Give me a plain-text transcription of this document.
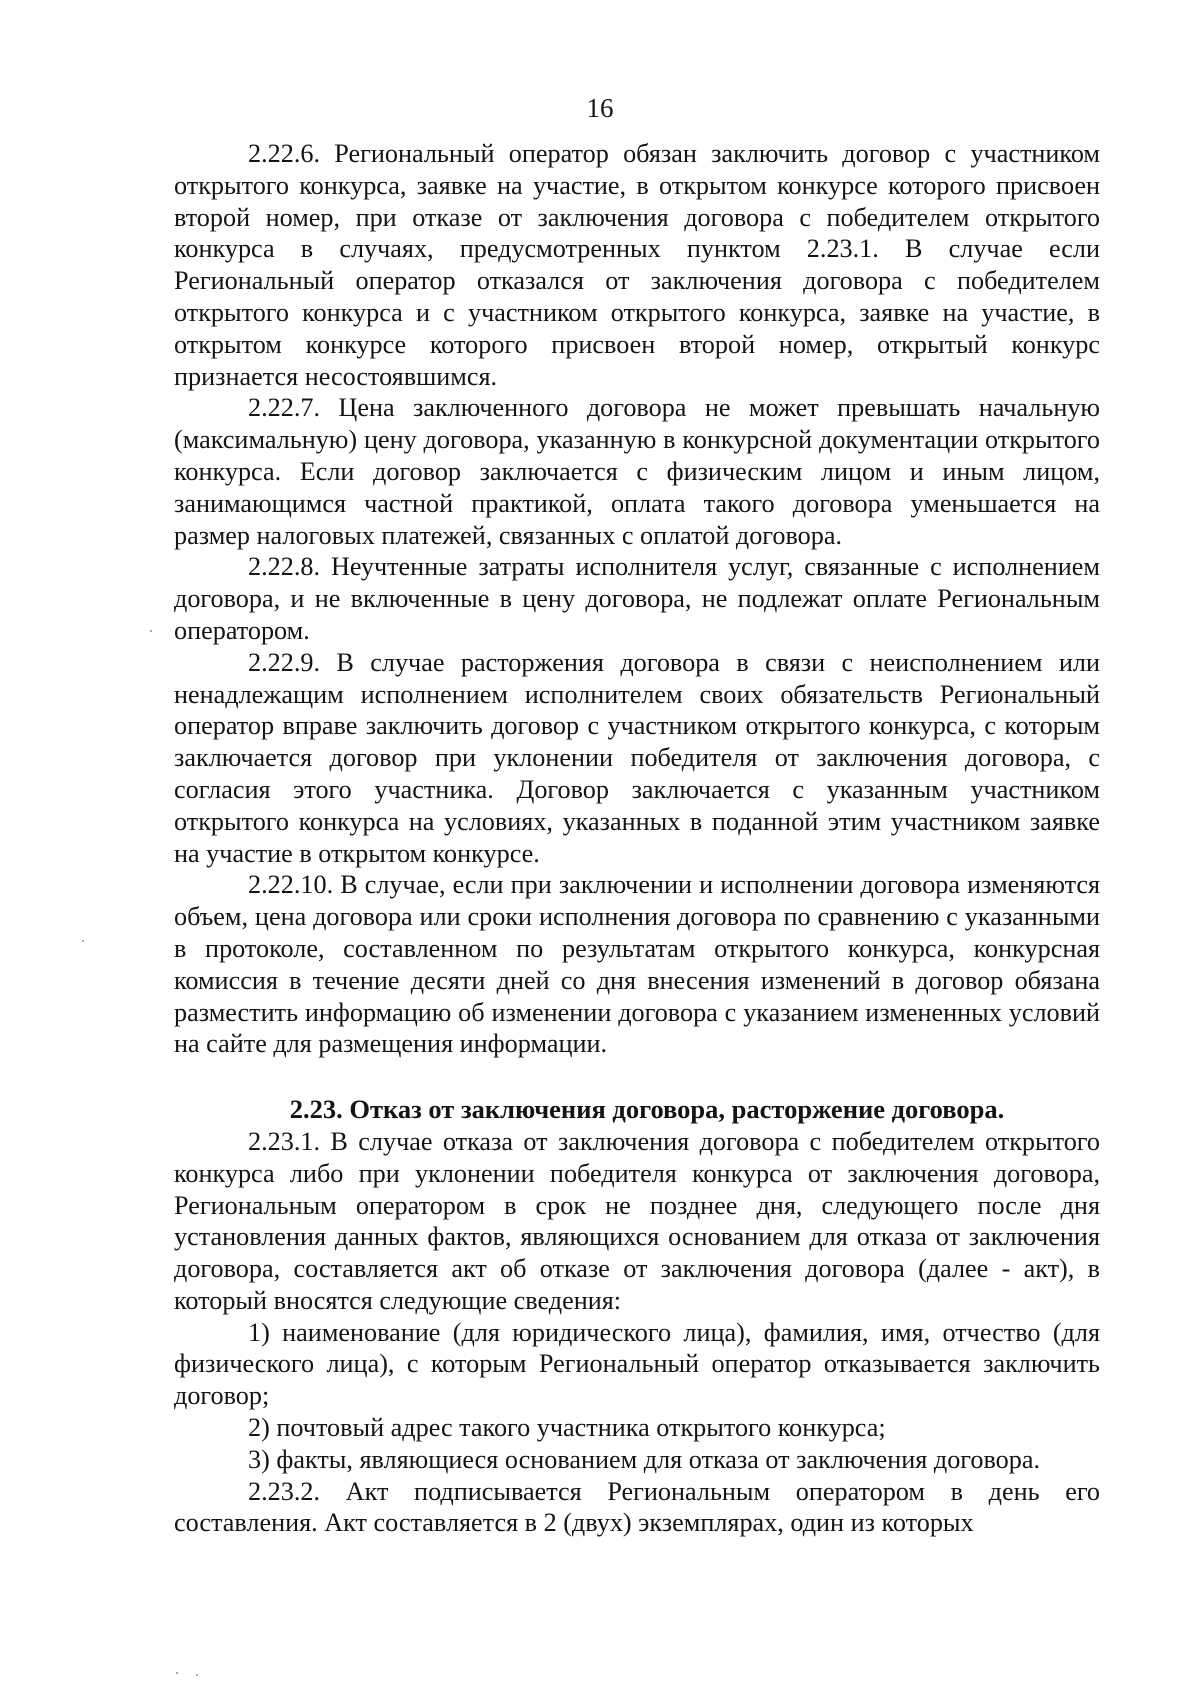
16

2.22.6. Региональный оператор обязан заключить договор с участником открытого конкурса, заявке на участие, в открытом конкурсе которого присвоен второй номер, при отказе от заключения договора с победителем открытого конкурса в случаях, предусмотренных пунктом 2.23.1. В случае если Региональный оператор отказался от заключения договора с победителем открытого конкурса и с участником открытого конкурса, заявке на участие, в открытом конкурсе которого присвоен второй номер, открытый конкурс признается несостоявшимся.

2.22.7. Цена заключенного договора не может превышать начальную (максимальную) цену договора, указанную в конкурсной документации открытого конкурса. Если договор заключается с физическим лицом и иным лицом, занимающимся частной практикой, оплата такого договора уменьшается на размер налоговых платежей, связанных с оплатой договора.

2.22.8. Неучтенные затраты исполнителя услуг, связанные с исполнением договора, и не включенные в цену договора, не подлежат оплате Региональным оператором.

2.22.9. В случае расторжения договора в связи с неисполнением или ненадлежащим исполнением исполнителем своих обязательств Региональный оператор вправе заключить договор с участником открытого конкурса, с которым заключается договор при уклонении победителя от заключения договора, с согласия этого участника. Договор заключается с указанным участником открытого конкурса на условиях, указанных в поданной этим участником заявке на участие в открытом конкурсе.

2.22.10. В случае, если при заключении и исполнении договора изменяются объем, цена договора или сроки исполнения договора по сравнению с указанными в протоколе, составленном по результатам открытого конкурса, конкурсная комиссия в течение десяти дней со дня внесения изменений в договор обязана разместить информацию об изменении договора с указанием измененных условий на сайте для размещения информации.

2.23. Отказ от заключения договора, расторжение договора.

2.23.1. В случае отказа от заключения договора с победителем открытого конкурса либо при уклонении победителя конкурса от заключения договора, Региональным оператором в срок не позднее дня, следующего после дня установления данных фактов, являющихся основанием для отказа от заключения договора, составляется акт об отказе от заключения договора (далее - акт), в который вносятся следующие сведения:

1) наименование (для юридического лица), фамилия, имя, отчество (для физического лица), с которым Региональный оператор отказывается заключить договор;

2) почтовый адрес такого участника открытого конкурса;

3) факты, являющиеся основанием для отказа от заключения договора.

2.23.2. Акт подписывается Региональным оператором в день его составления. Акт составляется в 2 (двух) экземплярах, один из которых
